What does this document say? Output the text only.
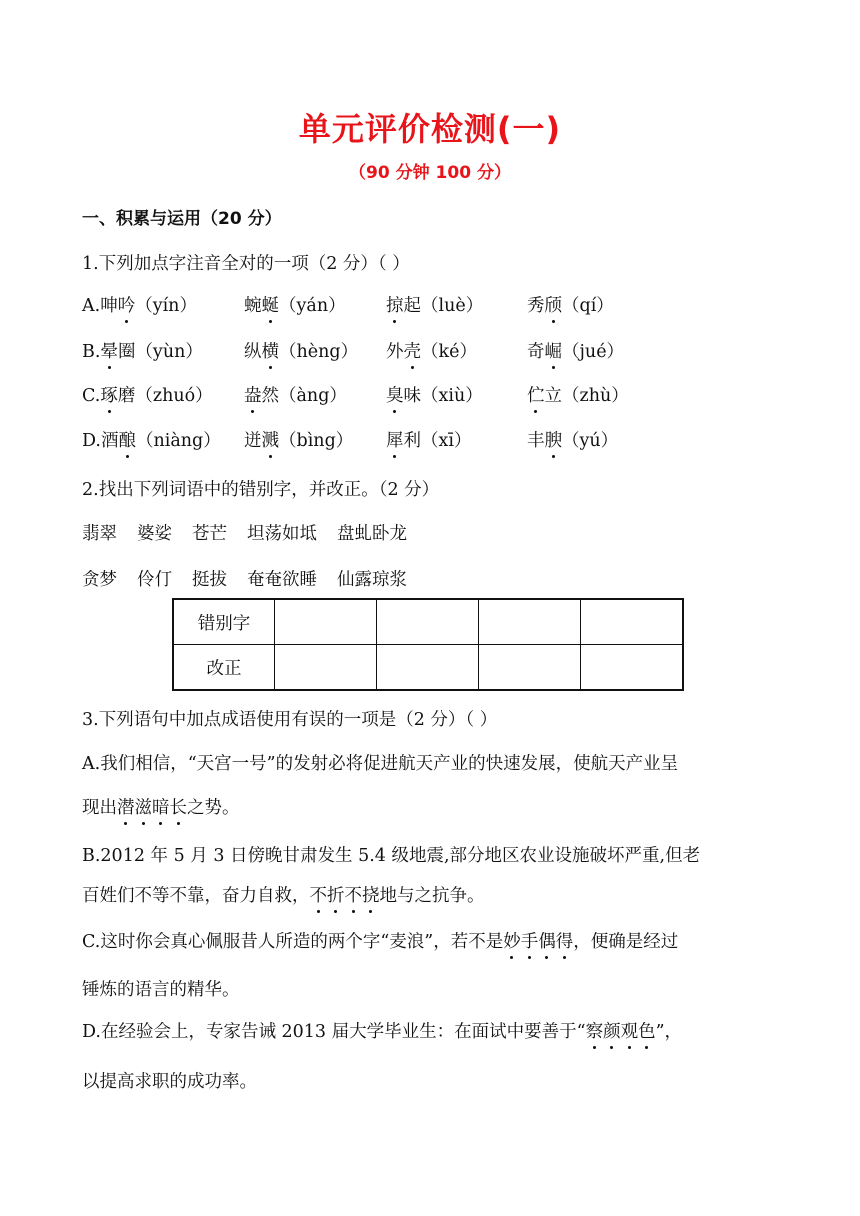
单元评价检测(一)
（90 分钟 100 分）
一、积累与运用（20 分）
1.下列加点字注音全对的一项（2 分）（ ）
A.呻吟（yín）	蜿蜒（yán） 掠起（luè）	秀颀（qí）
B.晕圈（yùn） 纵横（hèng） 外壳（ké）	奇崛（jué）
C.琢磨（zhuó） 盎然（àng） 臭味（xiù）	伫立（zhù）
D.酒酿（niàng） 迸溅（bìng） 犀利（xī）	丰腴（yú）
2.找出下列词语中的错别字，并改正。（2 分）
翡翠 婆娑 苍芒 坦荡如坻 盘虬卧龙
贪梦 伶仃 挺拔 奄奄欲睡 仙露琼浆
错别字				
改正				
3.下列语句中加点成语使用有误的一项是（2 分）（ ）
A.我们相信，“天宫一号”的发射必将促进航天产业的快速发展，使航天产业呈
现出潜滋暗长之势。
B.2012 年 5 月 3 日傍晚甘肃发生 5.4 级地震,部分地区农业设施破坏严重,但老
百姓们不等不靠，奋力自救，不折不挠地与之抗争。
C.这时你会真心佩服昔人所造的两个字“麦浪”，若不是妙手偶得，便确是经过
锤炼的语言的精华。
D.在经验会上，专家告诫 2013 届大学毕业生：在面试中要善于“察颜观色”，
以提高求职的成功率。
